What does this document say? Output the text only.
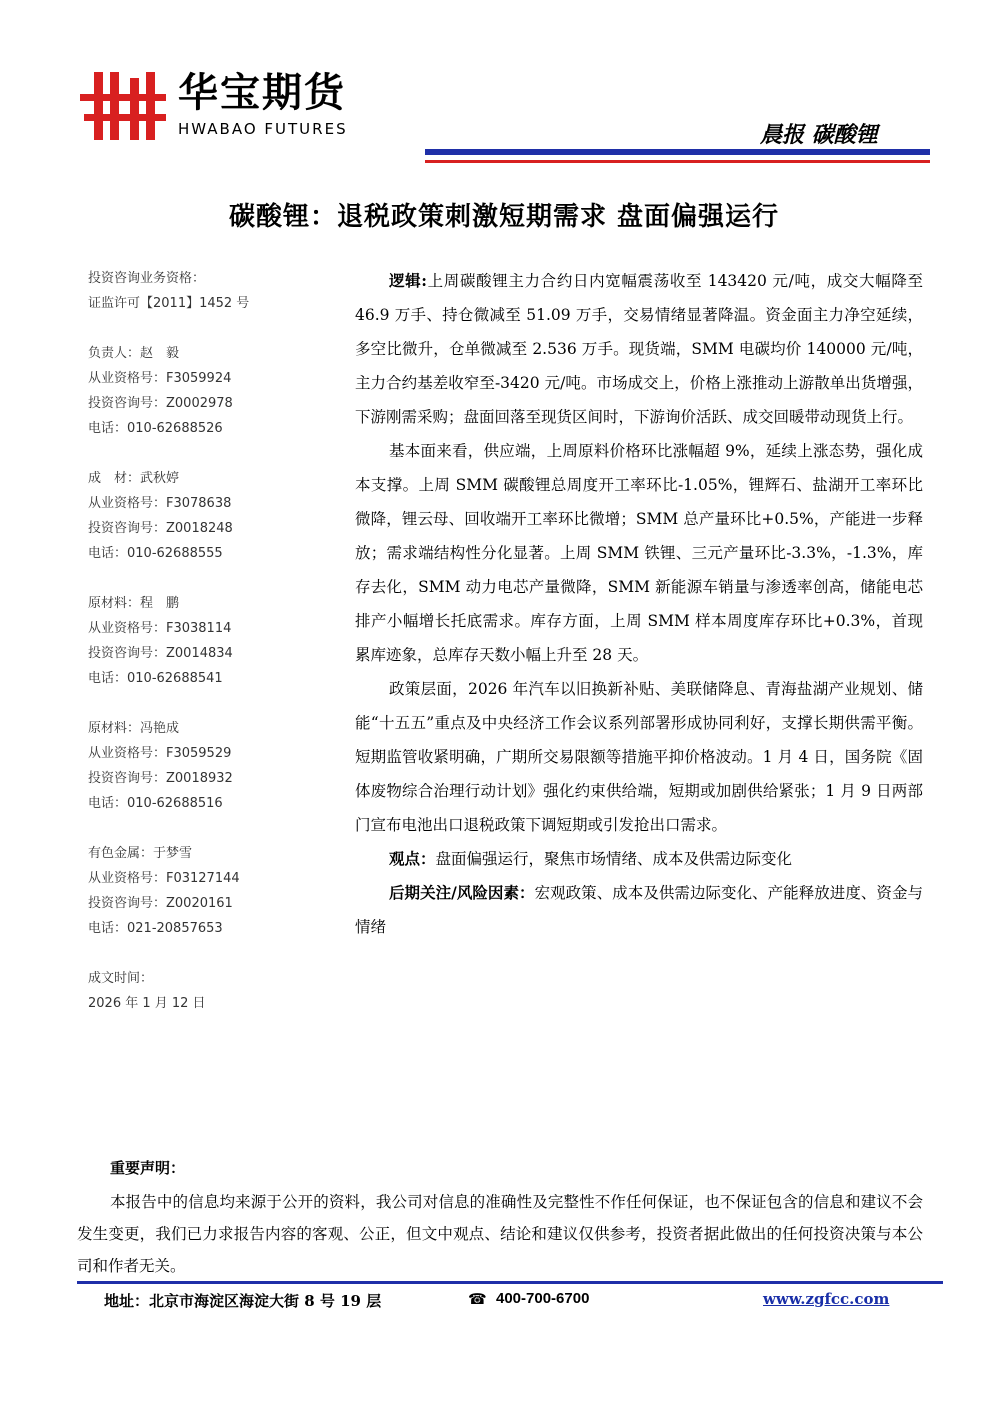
华宝期货
HWABAO FUTURES	晨报 碳酸锂
碳酸锂：退税政策刺激短期需求 盘面偏强运行
投资咨询业务资格：
证监许可【2011】1452 号
负责人：赵　毅
从业资格号：F3059924
投资咨询号：Z0002978
电话：010-62688526
成　材：武秋婷
从业资格号：F3078638
投资咨询号：Z0018248
电话：010-62688555
原材料：程　鹏
从业资格号：F3038114
投资咨询号：Z0014834
电话：010-62688541
原材料：冯艳成
从业资格号：F3059529
投资咨询号：Z0018932
电话：010-62688516
有色金属：于梦雪
从业资格号：F03127144
投资咨询号：Z0020161
电话：021-20857653
成文时间：
2026 年 1 月 12 日

逻辑:上周碳酸锂主力合约日内宽幅震荡收至 143420 元/吨，成交大幅降至 46.9 万手、持仓微减至 51.09 万手，交易情绪显著降温。资金面主力净空延续，多空比微升，仓单微减至 2.536 万手。现货端，SMM 电碳均价 140000 元/吨，主力合约基差收窄至-3420 元/吨。市场成交上，价格上涨推动上游散单出货增强，下游刚需采购；盘面回落至现货区间时，下游询价活跃、成交回暖带动现货上行。

基本面来看，供应端，上周原料价格环比涨幅超 9%，延续上涨态势，强化成本支撑。上周 SMM 碳酸锂总周度开工率环比-1.05%，锂辉石、盐湖开工率环比微降，锂云母、回收端开工率环比微增；SMM 总产量环比+0.5%，产能进一步释放；需求端结构性分化显著。上周 SMM 铁锂、三元产量环比-3.3%，-1.3%，库存去化，SMM 动力电芯产量微降，SMM 新能源车销量与渗透率创高，储能电芯排产小幅增长托底需求。库存方面，上周 SMM 样本周度库存环比+0.3%，首现累库迹象，总库存天数小幅上升至 28 天。

政策层面，2026 年汽车以旧换新补贴、美联储降息、青海盐湖产业规划、储能“十五五”重点及中央经济工作会议系列部署形成协同利好，支撑长期供需平衡。短期监管收紧明确，广期所交易限额等措施平抑价格波动。1 月 4 日，国务院《固体废物综合治理行动计划》强化约束供给端，短期或加剧供给紧张；1 月 9 日两部门宣布电池出口退税政策下调短期或引发抢出口需求。

观点：盘面偏强运行，聚焦市场情绪、成本及供需边际变化

后期关注/风险因素：宏观政策、成本及供需边际变化、产能释放进度、资金与情绪

重要声明：
本报告中的信息均来源于公开的资料，我公司对信息的准确性及完整性不作任何保证，也不保证包含的信息和建议不会发生变更，我们已力求报告内容的客观、公正，但文中观点、结论和建议仅供参考，投资者据此做出的任何投资决策与本公司和作者无关。
地址：北京市海淀区海淀大街 8 号 19 层	☎ 400-700-6700	www.zgfcc.com
